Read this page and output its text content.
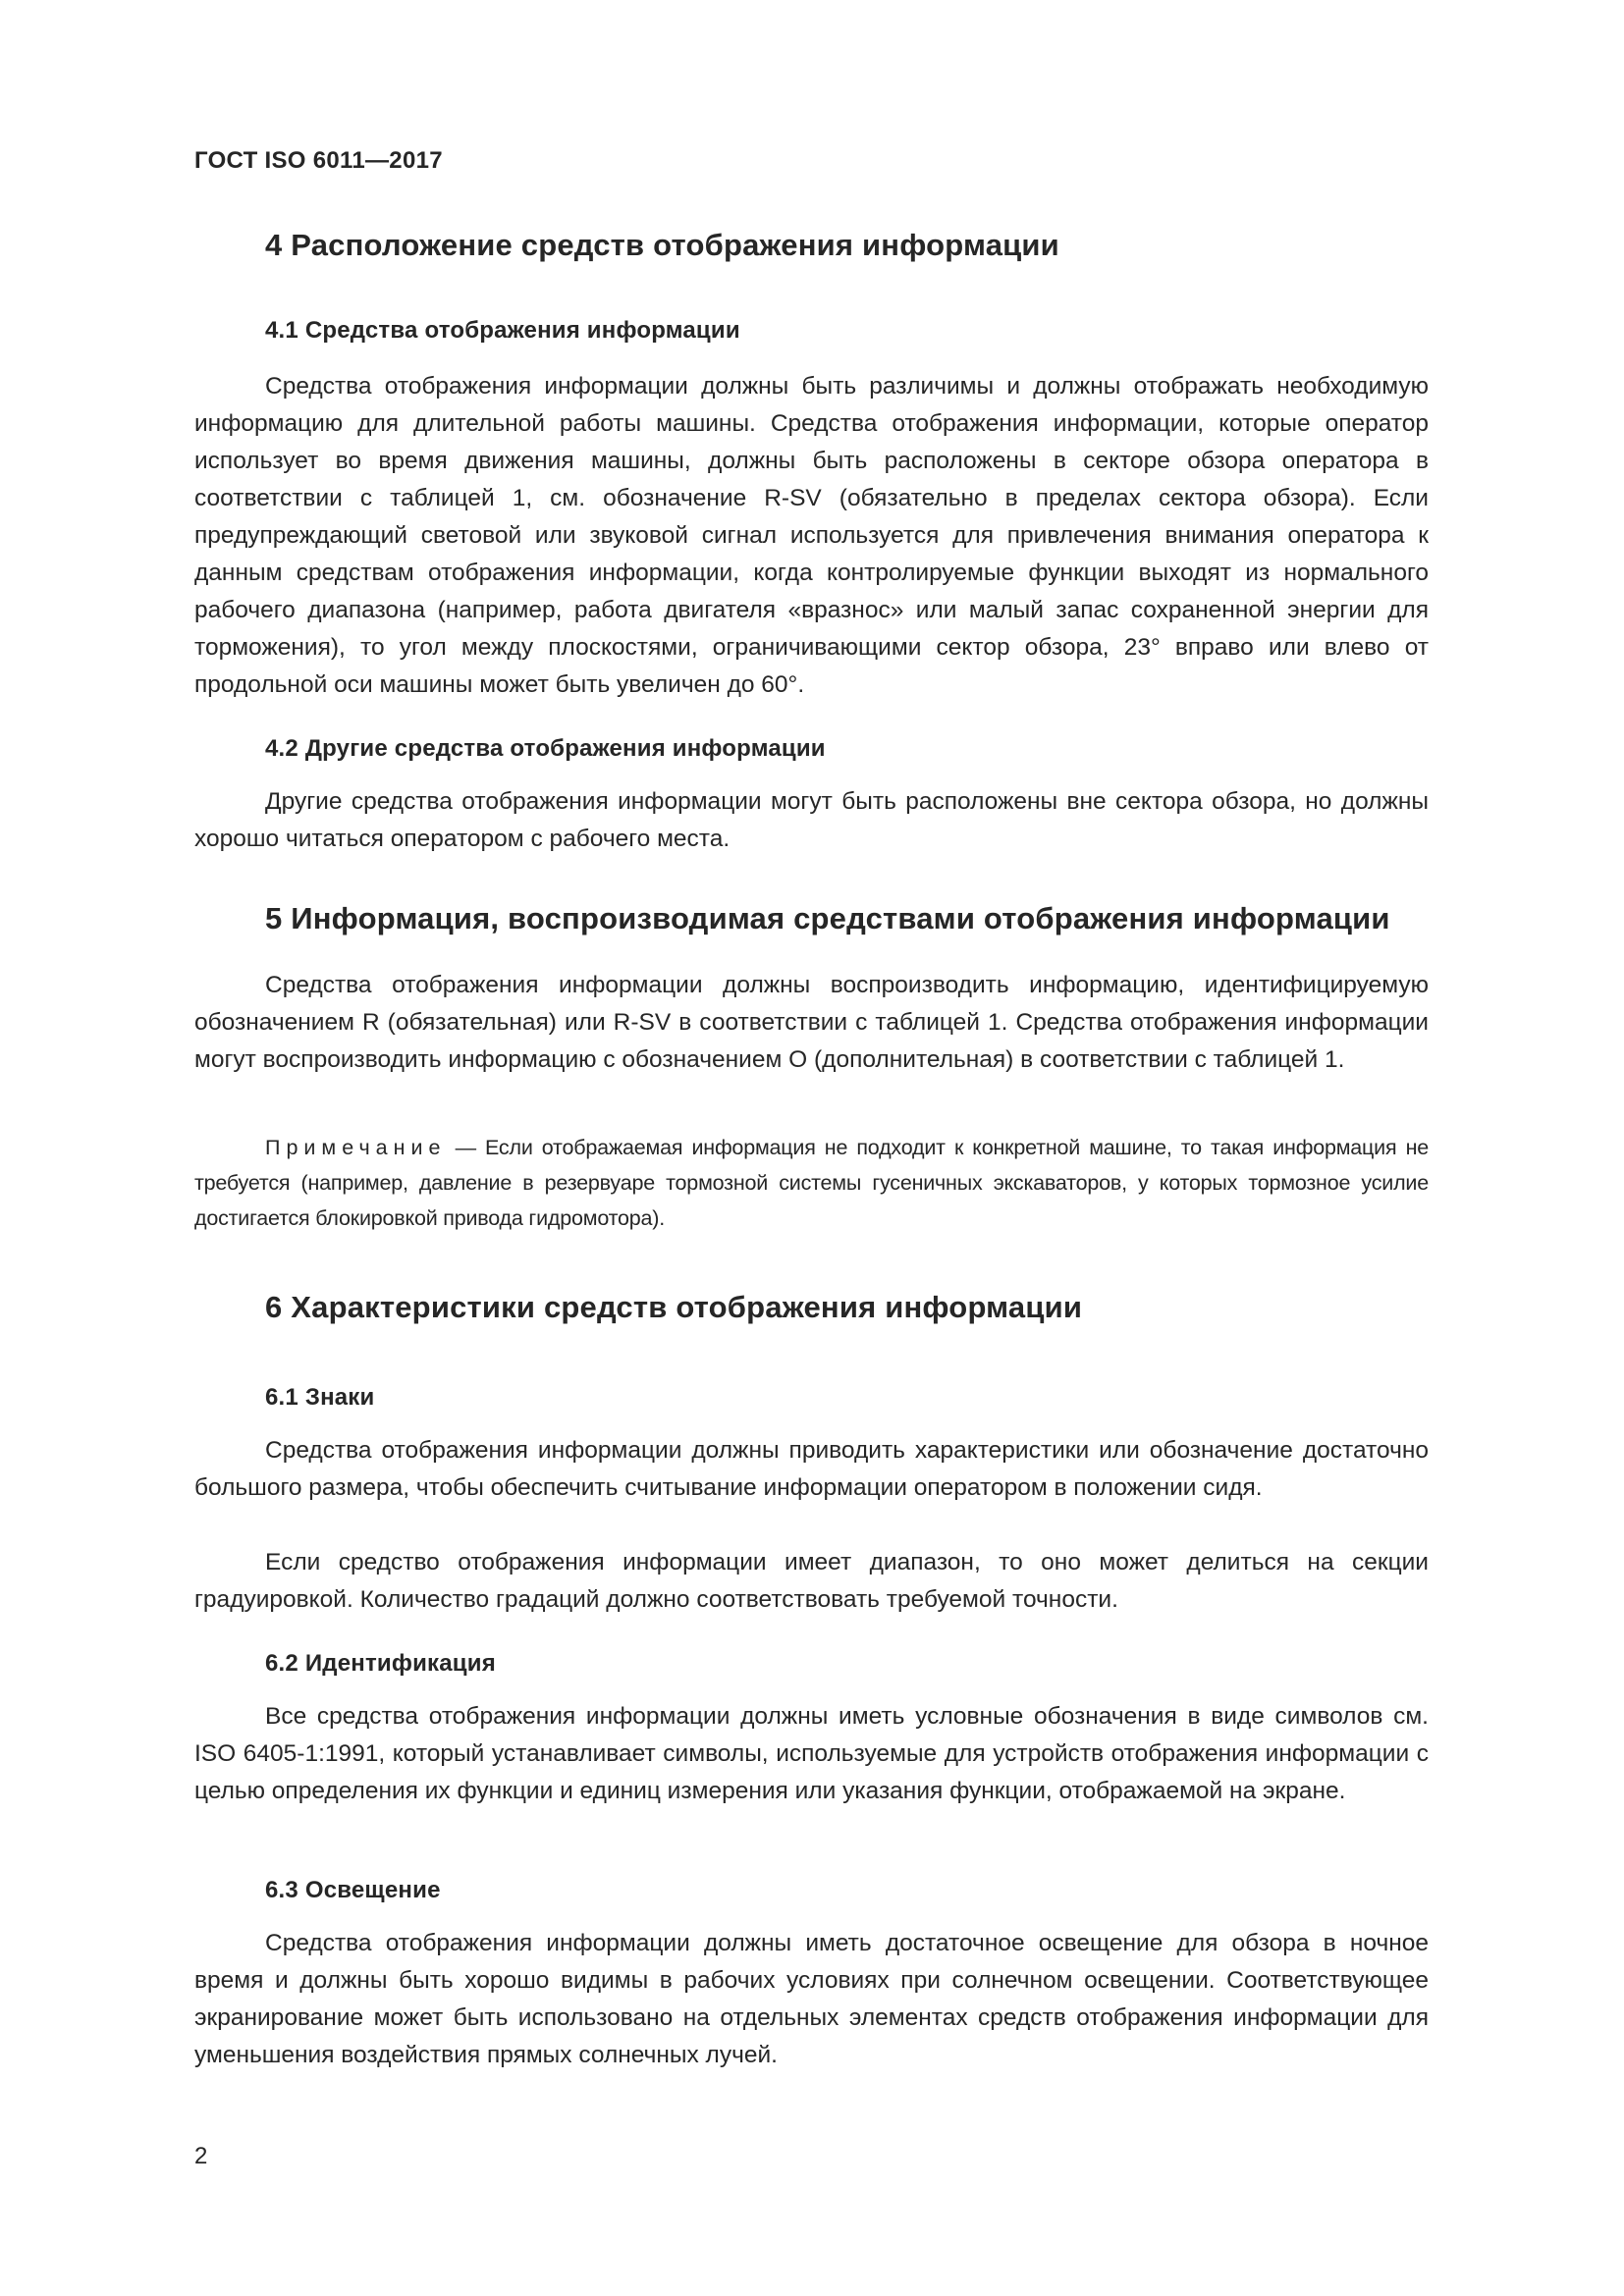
ГОСТ ISO 6011—2017
4 Расположение средств отображения информации
4.1 Средства отображения информации

Средства отображения информации должны быть различимы и должны отображать необходимую информацию для длительной работы машины. Средства отображения информации, которые оператор использует во время движения машины, должны быть расположены в секторе обзора оператора в соответствии с таблицей 1, см. обозначение R-SV (обязательно в пределах сектора обзора). Если предупреждающий световой или звуковой сигнал используется для привлечения внимания оператора к данным средствам отображения информации, когда контролируемые функции выходят из нормального рабочего диапазона (например, работа двигателя «вразнос» или малый запас сохраненной энергии для торможения), то угол между плоскостями, ограничивающими сектор обзора, 23° вправо или влево от продольной оси машины может быть увеличен до 60°.

4.2 Другие средства отображения информации

Другие средства отображения информации могут быть расположены вне сектора обзора, но должны хорошо читаться оператором с рабочего места.

5 Информация, воспроизводимая средствами отображения информации

Средства отображения информации должны воспроизводить информацию, идентифицируемую обозначением R (обязательная) или R-SV в соответствии с таблицей 1. Средства отображения информации могут воспроизводить информацию с обозначением О (дополнительная) в соответствии с таблицей 1.

Примечание — Если отображаемая информация не подходит к конкретной машине, то такая информация не требуется (например, давление в резервуаре тормозной системы гусеничных экскаваторов, у которых тормозное усилие достигается блокировкой привода гидромотора).

6 Характеристики средств отображения информации
6.1 Знаки

Средства отображения информации должны приводить характеристики или обозначение достаточно большого размера, чтобы обеспечить считывание информации оператором в положении сидя.

Если средство отображения информации имеет диапазон, то оно может делиться на секции градуировкой. Количество градаций должно соответствовать требуемой точности.

6.2 Идентификация

Все средства отображения информации должны иметь условные обозначения в виде символов см. ISO 6405-1:1991, который устанавливает символы, используемые для устройств отображения информации с целью определения их функции и единиц измерения или указания функции, отображаемой на экране.

6.3 Освещение

Средства отображения информации должны иметь достаточное освещение для обзора в ночное время и должны быть хорошо видимы в рабочих условиях при солнечном освещении. Соответствующее экранирование может быть использовано на отдельных элементах средств отображения информации для уменьшения воздействия прямых солнечных лучей.

2
